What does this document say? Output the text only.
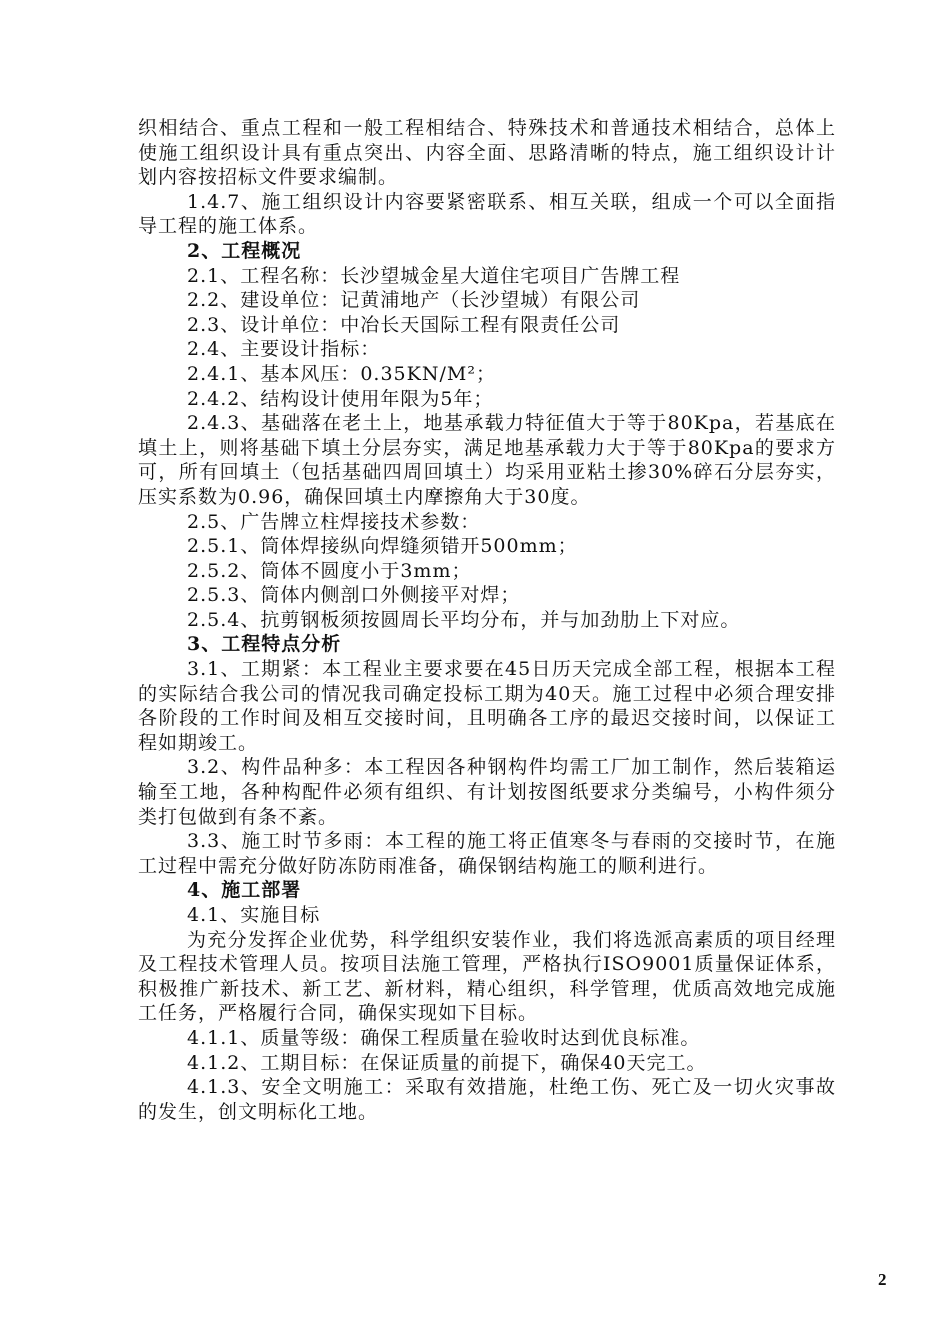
织相结合、重点工程和一般工程相结合、特殊技术和普通技术相结合，总体上使施工组织设计具有重点突出、内容全面、思路清晰的特点，施工组织设计计划内容按招标文件要求编制。

1.4.7、施工组织设计内容要紧密联系、相互关联，组成一个可以全面指导工程的施工体系。

2、工程概况

2.1、工程名称：长沙望城金星大道住宅项目广告牌工程

2.2、建设单位：记黄浦地产（长沙望城）有限公司

2.3、设计单位：中冶长天国际工程有限责任公司

2.4、主要设计指标：

2.4.1、基本风压：0.35KN/M²；

2.4.2、结构设计使用年限为5年；

2.4.3、基础落在老土上，地基承载力特征值大于等于80Kpa，若基底在填土上，则将基础下填土分层夯实，满足地基承载力大于等于80Kpa的要求方可，所有回填土（包括基础四周回填土）均采用亚粘土掺30%碎石分层夯实，压实系数为0.96，确保回填土内摩擦角大于30度。

2.5、广告牌立柱焊接技术参数：

2.5.1、筒体焊接纵向焊缝须错开500mm；

2.5.2、筒体不圆度小于3mm；

2.5.3、筒体内侧剖口外侧接平对焊；

2.5.4、抗剪钢板须按圆周长平均分布，并与加劲肋上下对应。

3、工程特点分析

3.1、工期紧：本工程业主要求要在45日历天完成全部工程，根据本工程的实际结合我公司的情况我司确定投标工期为40天。施工过程中必须合理安排各阶段的工作时间及相互交接时间，且明确各工序的最迟交接时间，以保证工程如期竣工。

3.2、构件品种多：本工程因各种钢构件均需工厂加工制作，然后装箱运输至工地，各种构配件必须有组织、有计划按图纸要求分类编号，小构件须分类打包做到有条不紊。

3.3、施工时节多雨：本工程的施工将正值寒冬与春雨的交接时节，在施工过程中需充分做好防冻防雨准备，确保钢结构施工的顺利进行。

4、施工部署

4.1、实施目标

为充分发挥企业优势，科学组织安装作业，我们将选派高素质的项目经理及工程技术管理人员。按项目法施工管理，严格执行ISO9001质量保证体系，积极推广新技术、新工艺、新材料，精心组织，科学管理，优质高效地完成施工任务，严格履行合同，确保实现如下目标。

4.1.1、质量等级：确保工程质量在验收时达到优良标准。

4.1.2、工期目标：在保证质量的前提下，确保40天完工。

4.1.3、安全文明施工：采取有效措施，杜绝工伤、死亡及一切火灾事故的发生，创文明标化工地。

2
